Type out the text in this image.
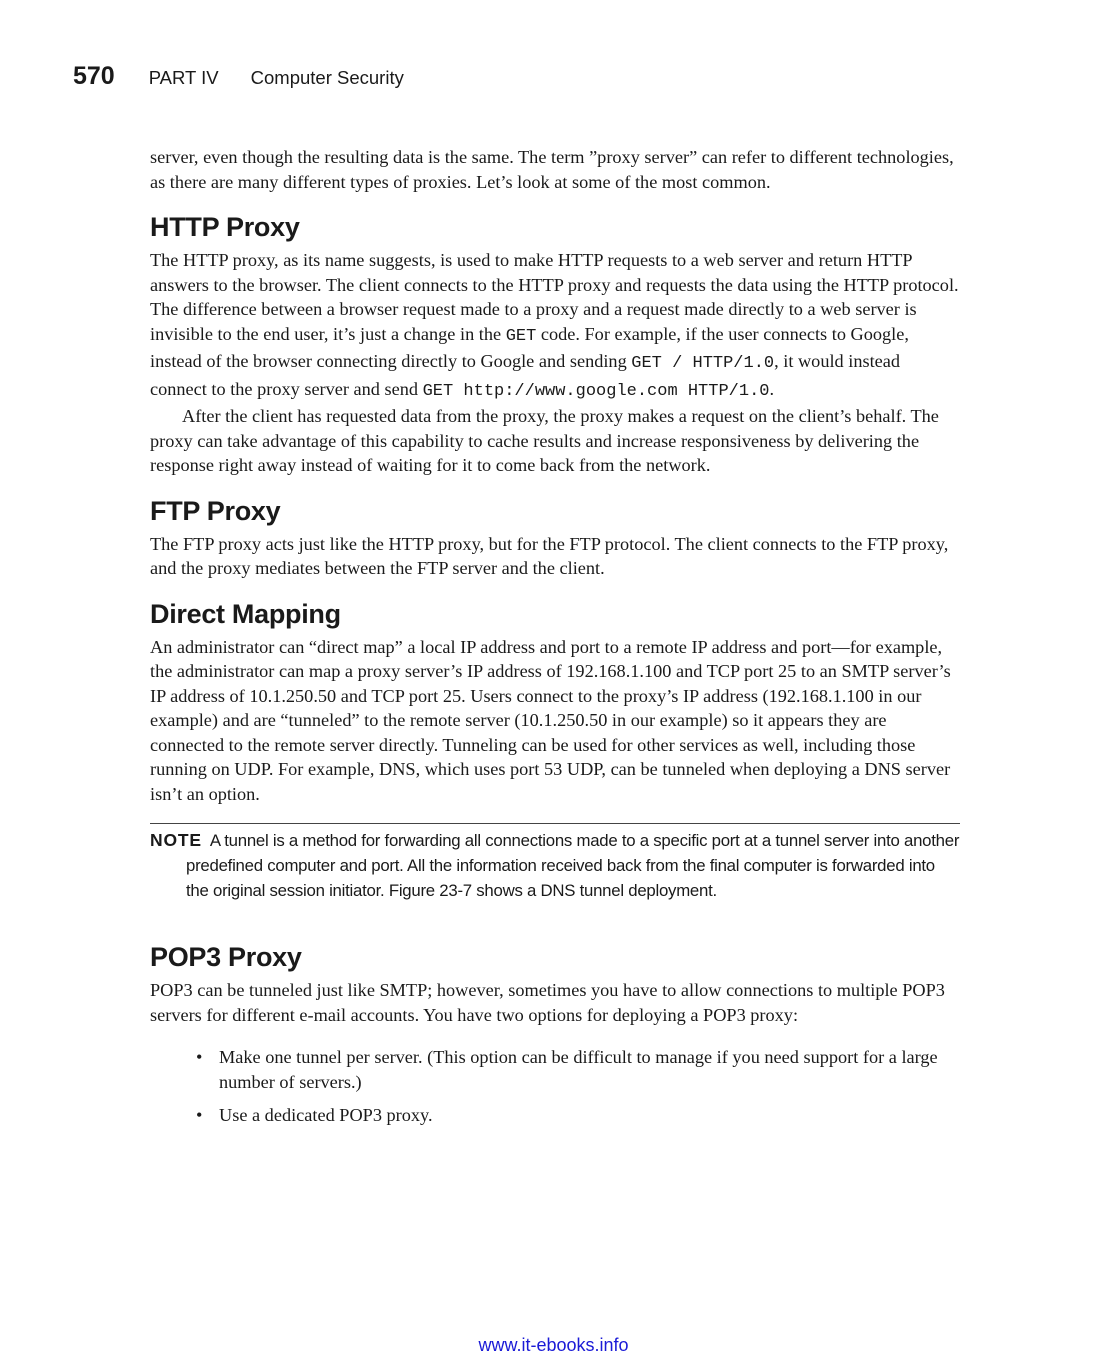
570 PART IV Computer Security

server, even though the resulting data is the same. The term ”proxy server” can refer to different technologies, as there are many different types of proxies. Let’s look at some of the most common.

HTTP Proxy

The HTTP proxy, as its name suggests, is used to make HTTP requests to a web server and return HTTP answers to the browser. The client connects to the HTTP proxy and requests the data using the HTTP protocol. The difference between a browser request made to a proxy and a request made directly to a web server is invisible to the end user, it’s just a change in the GET code. For example, if the user connects to Google, instead of the browser connecting directly to Google and sending GET / HTTP/1.0, it would instead connect to the proxy server and send GET http://www.google.com HTTP/1.0.

After the client has requested data from the proxy, the proxy makes a request on the client’s behalf. The proxy can take advantage of this capability to cache results and increase responsiveness by delivering the response right away instead of waiting for it to come back from the network.

FTP Proxy

The FTP proxy acts just like the HTTP proxy, but for the FTP protocol. The client connects to the FTP proxy, and the proxy mediates between the FTP server and the client.

Direct Mapping

An administrator can “direct map” a local IP address and port to a remote IP address and port—for example, the administrator can map a proxy server’s IP address of 192.168.1.100 and TCP port 25 to an SMTP server’s IP address of 10.1.250.50 and TCP port 25. Users connect to the proxy’s IP address (192.168.1.100 in our example) and are “tunneled” to the remote server (10.1.250.50 in our example) so it appears they are connected to the remote server directly. Tunneling can be used for other services as well, including those running on UDP. For example, DNS, which uses port 53 UDP, can be tunneled when deploying a DNS server isn’t an option.

NOTE A tunnel is a method for forwarding all connections made to a specific port at a tunnel server into another predefined computer and port. All the information received back from the final computer is forwarded into the original session initiator. Figure 23-7 shows a DNS tunnel deployment.
POP3 Proxy

POP3 can be tunneled just like SMTP; however, sometimes you have to allow connections to multiple POP3 servers for different e-mail accounts. You have two options for deploying a POP3 proxy:

• Make one tunnel per server. (This option can be difficult to manage if you need support for a large number of servers.)
• Use a dedicated POP3 proxy.
www.it-ebooks.info
